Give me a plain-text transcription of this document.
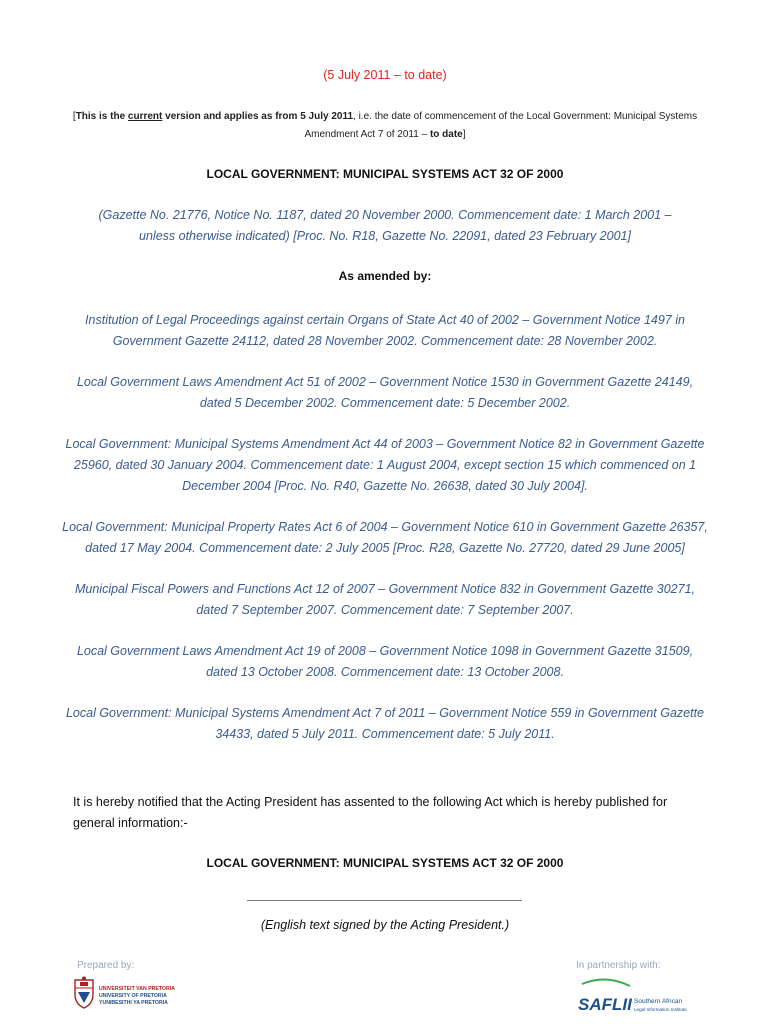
(5 July 2011 – to date)
[This is the current version and applies as from 5 July 2011, i.e. the date of commencement of the Local Government: Municipal Systems Amendment Act 7 of 2011 – to date]
LOCAL GOVERNMENT: MUNICIPAL SYSTEMS ACT 32 OF 2000
(Gazette No. 21776, Notice No. 1187, dated 20 November 2000. Commencement date: 1 March 2001 –
unless otherwise indicated) [Proc. No. R18, Gazette No. 22091, dated 23 February 2001]
As amended by:
Institution of Legal Proceedings against certain Organs of State Act 40 of 2002 – Government Notice 1497 in Government Gazette 24112, dated 28 November 2002. Commencement date: 28 November 2002.
Local Government Laws Amendment Act 51 of 2002 – Government Notice 1530 in Government Gazette 24149, dated 5 December 2002. Commencement date: 5 December 2002.
Local Government: Municipal Systems Amendment Act 44 of 2003 – Government Notice 82 in Government Gazette 25960, dated 30 January 2004. Commencement date: 1 August 2004, except section 15 which commenced on 1 December 2004 [Proc. No. R40, Gazette No. 26638, dated 30 July 2004].
Local Government: Municipal Property Rates Act 6 of 2004 – Government Notice 610 in Government Gazette 26357, dated 17 May 2004. Commencement date: 2 July 2005 [Proc. R28, Gazette No. 27720, dated 29 June 2005]
Municipal Fiscal Powers and Functions Act 12 of 2007 – Government Notice 832 in Government Gazette 30271, dated 7 September 2007. Commencement date: 7 September 2007.
Local Government Laws Amendment Act 19 of 2008 – Government Notice 1098 in Government Gazette 31509, dated 13 October 2008. Commencement date: 13 October 2008.
Local Government: Municipal Systems Amendment Act 7 of 2011 – Government Notice 559 in Government Gazette 34433, dated 5 July 2011. Commencement date: 5 July 2011.
It is hereby notified that the Acting President has assented to the following Act which is hereby published for general information:-
LOCAL GOVERNMENT: MUNICIPAL SYSTEMS ACT 32 OF 2000
(English text signed by the Acting President.)
Prepared by:	In partnership with:
UNIVERSITEIT VAN PRETORIA
UNIVERSITY OF PRETORIA
YUNIBESITHI YA PRETORIA	SAFLII Southern African
Legal Information Institute
